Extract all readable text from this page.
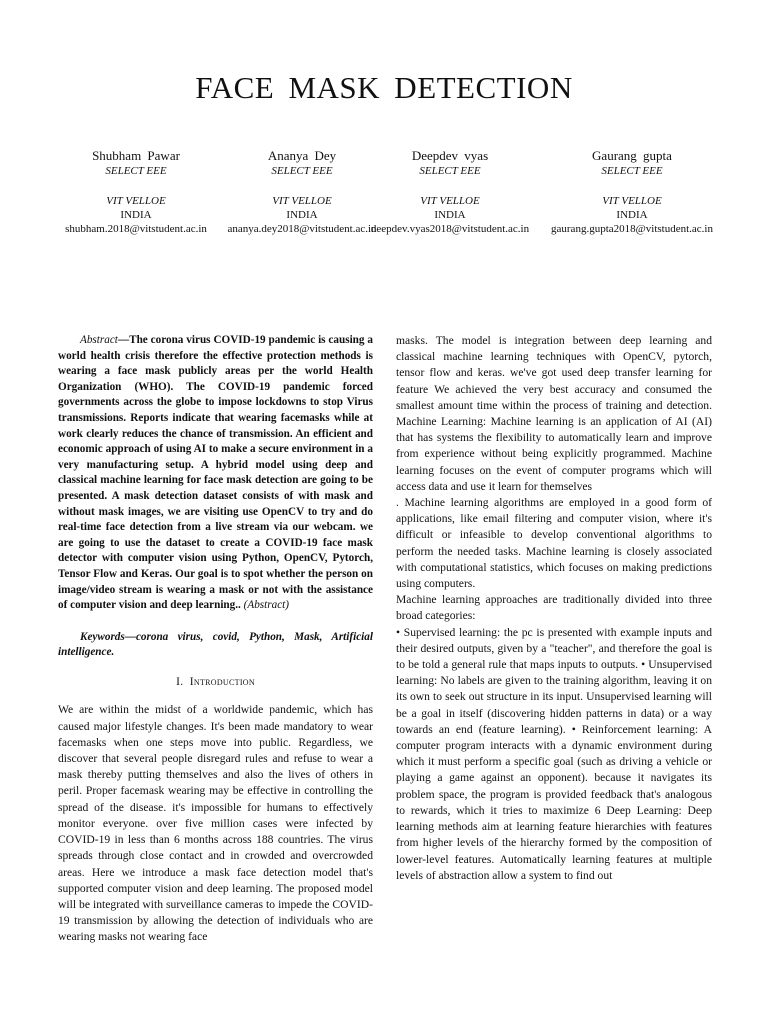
FACE MASK DETECTION
Shubham Pawar
SELECT EEE
VIT VELLOE
INDIA
shubham.2018@vitstudent.ac.in
Ananya Dey
SELECT EEE
VIT VELLOE
INDIA
ananya.dey2018@vitstudent.ac.in
Deepdev vyas
SELECT EEE
VIT VELLOE
INDIA
deepdev.vyas2018@vitstudent.ac.in
Gaurang gupta
SELECT EEE
VIT VELLOE
INDIA
gaurang.gupta2018@vitstudent.ac.in

Abstract—The corona virus COVID-19 pandemic is causing a world health crisis therefore the effective protection methods is wearing a face mask publicly areas per the world Health Organization (WHO). The COVID-19 pandemic forced governments across the globe to impose lockdowns to stop Virus transmissions. Reports indicate that wearing facemasks while at work clearly reduces the chance of transmission. An efficient and economic approach of using AI to make a secure environment in a very manufacturing setup. A hybrid model using deep and classical machine learning for face mask detection are going to be presented. A mask detection dataset consists of with mask and without mask images, we are visiting use OpenCV to try and do real-time face detection from a live stream via our webcam. we are going to use the dataset to create a COVID-19 face mask detector with computer vision using Python, OpenCV, Pytorch, Tensor Flow and Keras. Our goal is to spot whether the person on image/video stream is wearing a mask or not with the assistance of computer vision and deep learning.. (Abstract)

Keywords—corona virus, covid, Python, Mask, Artificial intelligence.

I. Introduction

We are within the midst of a worldwide pandemic, which has caused major lifestyle changes. It's been made mandatory to wear facemasks when one steps move into public. Regardless, we discover that several people disregard rules and refuse to wear a mask thereby putting themselves and also the lives of others in peril. Proper facemask wearing may be effective in controlling the spread of the disease. it's impossible for humans to effectively monitor everyone. over five million cases were infected by COVID-19 in less than 6 months across 188 countries. The virus spreads through close contact and in crowded and overcrowded areas. Here we introduce a mask face detection model that's supported computer vision and deep learning. The proposed model will be integrated with surveillance cameras to impede the COVID-19 transmission by allowing the detection of individuals who are wearing masks not wearing face

masks. The model is integration between deep learning and classical machine learning techniques with OpenCV, pytorch, tensor flow and keras. we've got used deep transfer learning for feature We achieved the very best accuracy and consumed the smallest amount time within the process of training and detection. Machine Learning: Machine learning is an application of AI (AI) that has systems the flexibility to automatically learn and improve from experience without being explicitly programmed. Machine learning focuses on the event of computer programs which will access data and use it learn for themselves

. Machine learning algorithms are employed in a good form of applications, like email filtering and computer vision, where it's difficult or infeasible to develop conventional algorithms to perform the needed tasks. Machine learning is closely associated with computational statistics, which focuses on making predictions using computers.

Machine learning approaches are traditionally divided into three broad categories:

• Supervised learning: the pc is presented with example inputs and their desired outputs, given by a "teacher", and therefore the goal is to be told a general rule that maps inputs to outputs. • Unsupervised learning: No labels are given to the training algorithm, leaving it on its own to seek out structure in its input. Unsupervised learning will be a goal in itself (discovering hidden patterns in data) or a way towards an end (feature learning). • Reinforcement learning: A computer program interacts with a dynamic environment during which it must perform a specific goal (such as driving a vehicle or playing a game against an opponent). because it navigates its problem space, the program is provided feedback that's analogous to rewards, which it tries to maximize 6 Deep Learning: Deep learning methods aim at learning feature hierarchies with features from higher levels of the hierarchy formed by the composition of lower-level features. Automatically learning features at multiple levels of abstraction allow a system to find out
